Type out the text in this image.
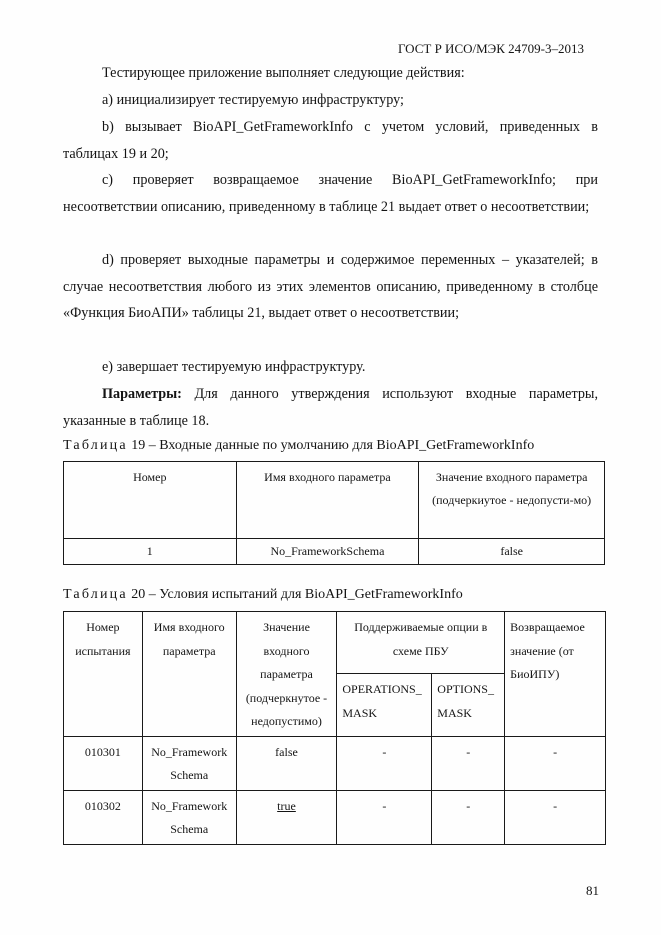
ГОСТ Р ИСО/МЭК 24709-3–2013
Тестирующее приложение выполняет следующие действия:
a) инициализирует тестируемую инфраструктуру;
b) вызывает BioAPI_GetFrameworkInfo с учетом условий, приведенных в таблицах 19 и 20;
c) проверяет возвращаемое значение BioAPI_GetFrameworkInfo; при несоответствии описанию, приведенному в таблице 21 выдает ответ о несоответствии;
d) проверяет выходные параметры и содержимое переменных – указателей; в случае несоответствия любого из этих элементов описанию, приведенному в столбце «Функция БиоАПИ» таблицы 21, выдает ответ о несоответствии;
e) завершает тестируемую инфраструктуру.
Параметры: Для данного утверждения используют входные параметры, указанные в таблице 18.
Таблица 19 – Входные данные по умолчанию для BioAPI_GetFrameworkInfo
Номер	Имя входного параметра	Значение входного параметра (подчеркиутое - недопусти-мо)
1	No_FrameworkSchema	false
Таблица 20 – Условия испытаний для BioAPI_GetFrameworkInfo
Номер испытания	Имя входного параметра	Значение входного параметра (подчеркнутое - недопустимо)	Поддерживаемые опции в схеме ПБУ		Возвращаемое значение (от БиоИПУ)
			OPERATIONS_ MASK	OPTIONS_ MASK	
010301	No_Framework Schema	false	-	-	-
010302	No_Framework Schema	true	-	-	-
81
